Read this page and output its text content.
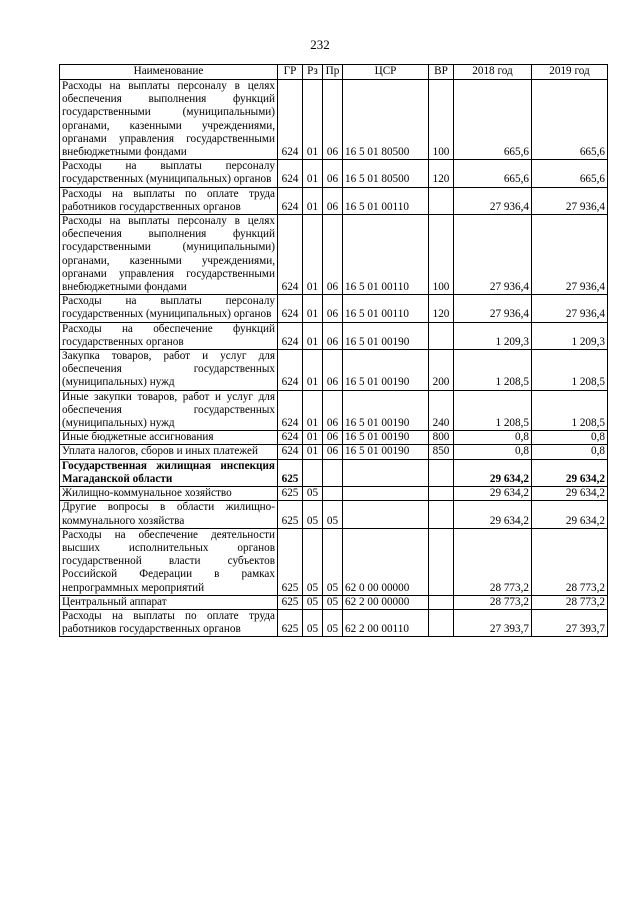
232
Наименование	ГР	Рз	Пр	ЦСР	ВР	2018 год	2019 год
Расходы на выплаты персоналу в целях обеспечения выполнения функций государственными (муниципальными) органами, казенными учреждениями, органами управления государственными внебюджетными фондами	624	01	06	16 5 01 80500	100	665,6	665,6
Расходы на выплаты персоналу государственных (муниципальных) органов	624	01	06	16 5 01 80500	120	665,6	665,6
Расходы на выплаты по оплате труда работников государственных органов	624	01	06	16 5 01 00110		27 936,4	27 936,4
Расходы на выплаты персоналу в целях обеспечения выполнения функций государственными (муниципальными) органами, казенными учреждениями, органами управления государственными внебюджетными фондами	624	01	06	16 5 01 00110	100	27 936,4	27 936,4
Расходы на выплаты персоналу государственных (муниципальных) органов	624	01	06	16 5 01 00110	120	27 936,4	27 936,4
Расходы на обеспечение функций государственных органов	624	01	06	16 5 01 00190		1 209,3	1 209,3
Закупка товаров, работ и услуг для обеспечения государственных (муниципальных) нужд	624	01	06	16 5 01 00190	200	1 208,5	1 208,5
Иные закупки товаров, работ и услуг для обеспечения государственных (муниципальных) нужд	624	01	06	16 5 01 00190	240	1 208,5	1 208,5
Иные бюджетные ассигнования	624	01	06	16 5 01 00190	800	0,8	0,8
Уплата налогов, сборов и иных платежей	624	01	06	16 5 01 00190	850	0,8	0,8
Государственная жилищная инспекция Магаданской области	625					29 634,2	29 634,2
Жилищно-коммунальное хозяйство	625	05				29 634,2	29 634,2
Другие вопросы в области жилищно-коммунального хозяйства	625	05	05			29 634,2	29 634,2
Расходы на обеспечение деятельности высших исполнительных органов государственной власти субъектов Российской Федерации в рамках непрограммных мероприятий	625	05	05	62 0 00 00000		28 773,2	28 773,2
Центральный аппарат	625	05	05	62 2 00 00000		28 773,2	28 773,2
Расходы на выплаты по оплате труда работников государственных органов	625	05	05	62 2 00 00110		27 393,7	27 393,7
